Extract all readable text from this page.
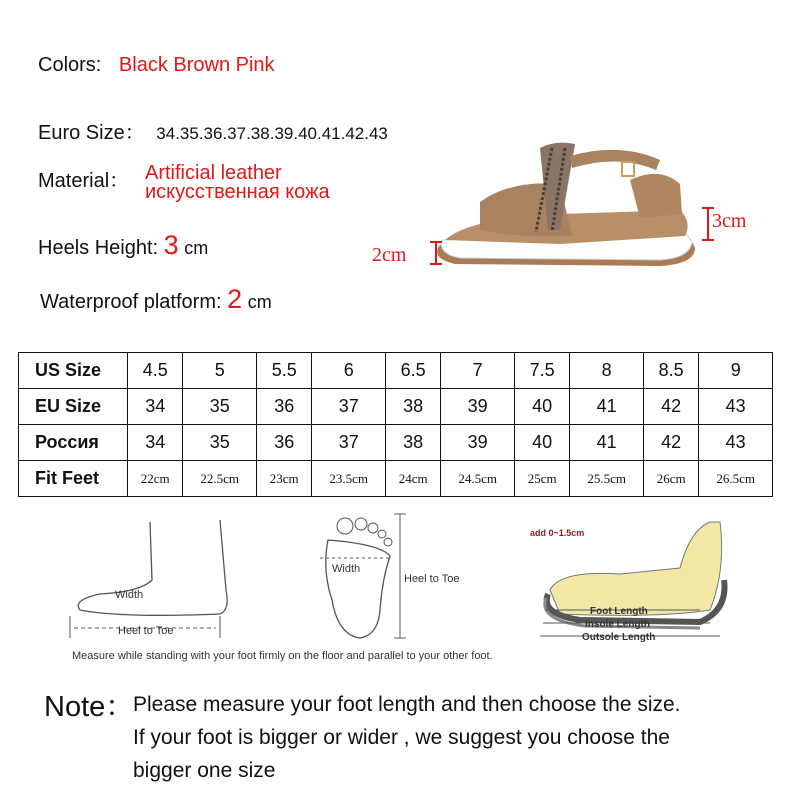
Colors: Black Brown Pink
Euro Size： 34.35.36.37.38.39.40.41.42.43
Material： Artificial leather
искусственная кожа
Heels Height: 3 cm
Waterproof platform: 2 cm
3cm
2cm
US Size	4.5	5	5.5	6	6.5	7	7.5	8	8.5	9
EU Size	34	35	36	37	38	39	40	41	42	43
Россия	34	35	36	37	38	39	40	41	42	43
Fit Feet	22cm	22.5cm	23cm	23.5cm	24cm	24.5cm	25cm	25.5cm	26cm	26.5cm
Width
Heel to Toe
Width
Heel to Toe
add 0~1.5cm
Foot Length
Insole Length
Outsole Length
Measure while standing with your foot firmly on the floor and parallel to your other foot.
Note：
Please measure your foot length and then choose the size.
If your foot is bigger or wider , we suggest you choose the
bigger one size
